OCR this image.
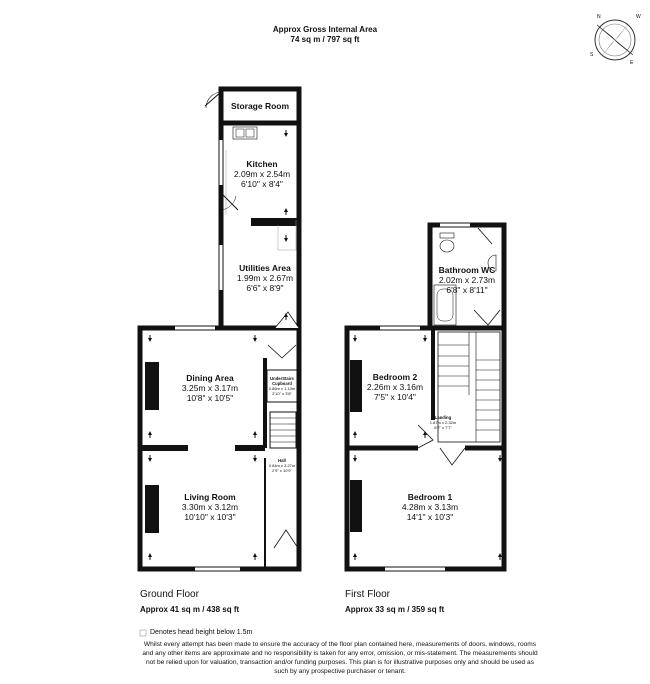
Approx Gross Internal Area
74 sq m / 797 sq ft
N
E
S
W
Storage Room
Kitchen
2.09m x 2.54m
6'10" x 8'4"
Utilities Area
1.99m x 2.67m
6'6" x 8'9"
Dining Area
3.25m x 3.17m
10'8" x 10'5"
UnderStairs Cupboard
0.86m x 1.13m
2'10" x 3'8"
Hall
0.84m x 3.27m
2'9" x 10'9"
Living Room
3.30m x 3.12m
10'10" x 10'3"
Bathroom WC
2.02m x 2.73m
6'8" x 8'11"
Bedroom 2
2.26m x 3.16m
7'5" x 10'4"
Landing
1.87m x 2.32m
6'2" x 7'7"
Bedroom 1
4.28m x 3.13m
14'1" x 10'3"
Ground Floor
Approx 41 sq m / 438 sq ft
First Floor
Approx 33 sq m / 359 sq ft
Denotes head height below 1.5m
Whilst every attempt has been made to ensure the accuracy of the floor plan contained here, measurements of doors, windows, rooms and any other items are approximate and no responsibility is taken for any error, omission, or mis-statement. The measurements should not be relied upon for valuation, transaction and/or funding purposes. This plan is for illustrative purposes only and should be used as such by any prospective purchaser or tenant.
